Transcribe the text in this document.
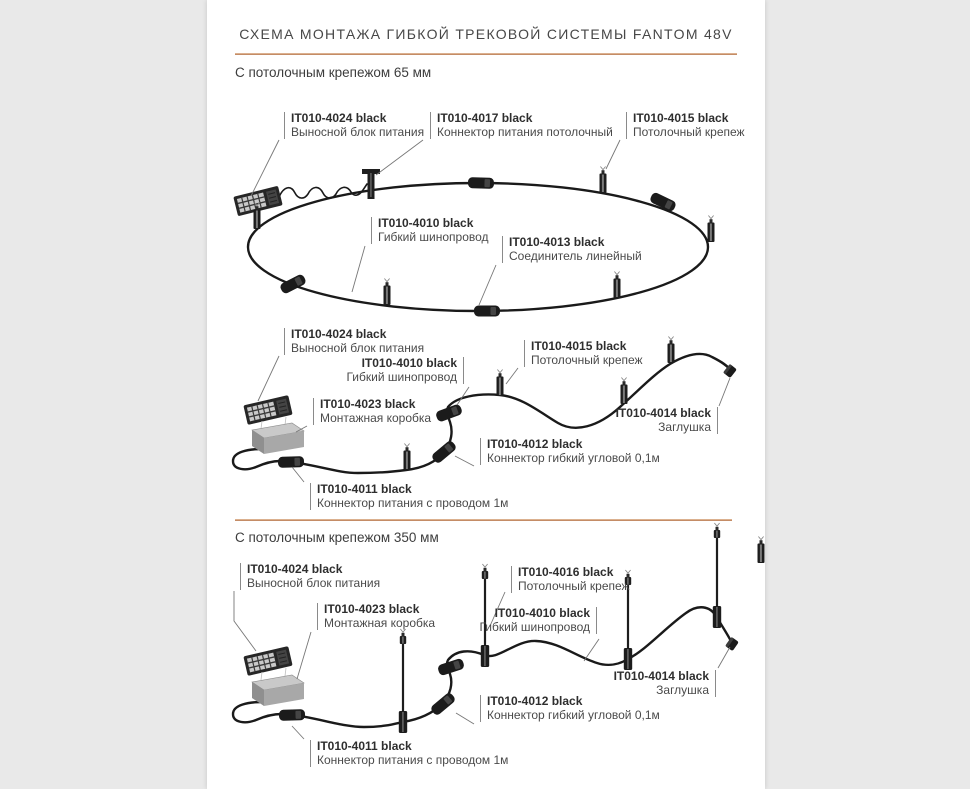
СХЕМА МОНТАЖА ГИБКОЙ ТРЕКОВОЙ СИСТЕМЫ FANTOM 48V
С потолочным крепежом 65 мм
С потолочным крепежом 350 мм
IT010-4024 black
Выносной блок питания
IT010-4017 black
Коннектор питания потолочный
IT010-4015 black
Потолочный крепеж
IT010-4010 black
Гибкий шинопровод IT010-4013 black
Соединитель линейный
IT010-4024 black
Выносной блок питания
IT010-4010 black
Гибкий шинопровод
IT010-4023 black
Монтажная коробка
IT010-4015 black
Потолочный крепеж
IT010-4014 black
Заглушка
IT010-4012 black
Коннектор гибкий угловой 0,1м
IT010-4011 black
Коннектор питания с проводом 1м
IT010-4024 black
Выносной блок питания
IT010-4023 black
Монтажная коробка
IT010-4016 black
Потолочный крепеж
IT010-4010 black
Гибкий шинопровод
IT010-4014 black
Заглушка
IT010-4012 black
Коннектор гибкий угловой 0,1м
IT010-4011 black
Коннектор питания с проводом 1м
